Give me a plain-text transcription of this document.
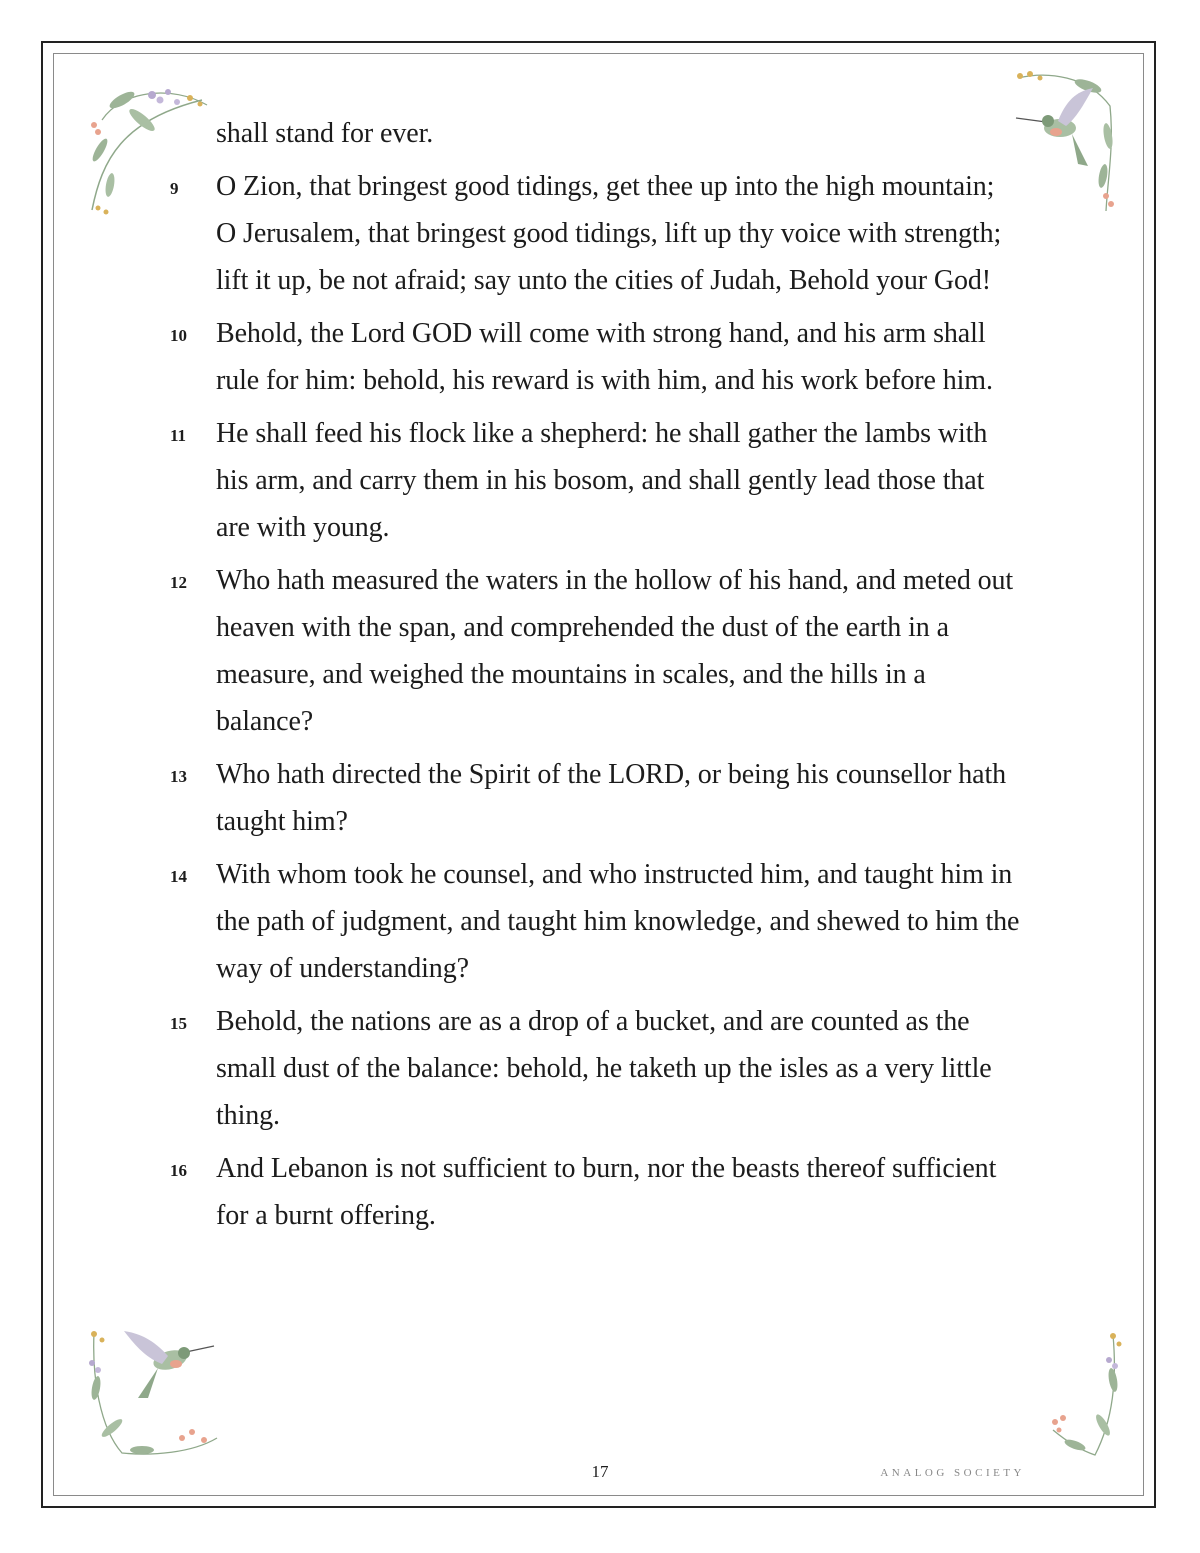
shall stand for ever.
9	O Zion, that bringest good tidings, get thee up into the high mountain; O Jerusalem, that bringest good tidings, lift up thy voice with strength; lift it up, be not afraid; say unto the cities of Judah, Behold your God!
10	Behold, the Lord GOD will come with strong hand, and his arm shall rule for him: behold, his reward is with him, and his work before him.
11	He shall feed his flock like a shepherd: he shall gather the lambs with his arm, and carry them in his bosom, and shall gently lead those that are with young.
12	Who hath measured the waters in the hollow of his hand, and meted out heaven with the span, and comprehended the dust of the earth in a measure, and weighed the mountains in scales, and the hills in a balance?
13	Who hath directed the Spirit of the LORD, or being his counsellor hath taught him?
14	With whom took he counsel, and who instructed him, and taught him in the path of judgment, and taught him knowledge, and shewed to him the way of understanding?
15	Behold, the nations are as a drop of a bucket, and are counted as the small dust of the balance: behold, he taketh up the isles as a very little thing.
16	And Lebanon is not sufficient to burn, nor the beasts thereof sufficient for a burnt offering.
17	ANALOG SOCIETY
